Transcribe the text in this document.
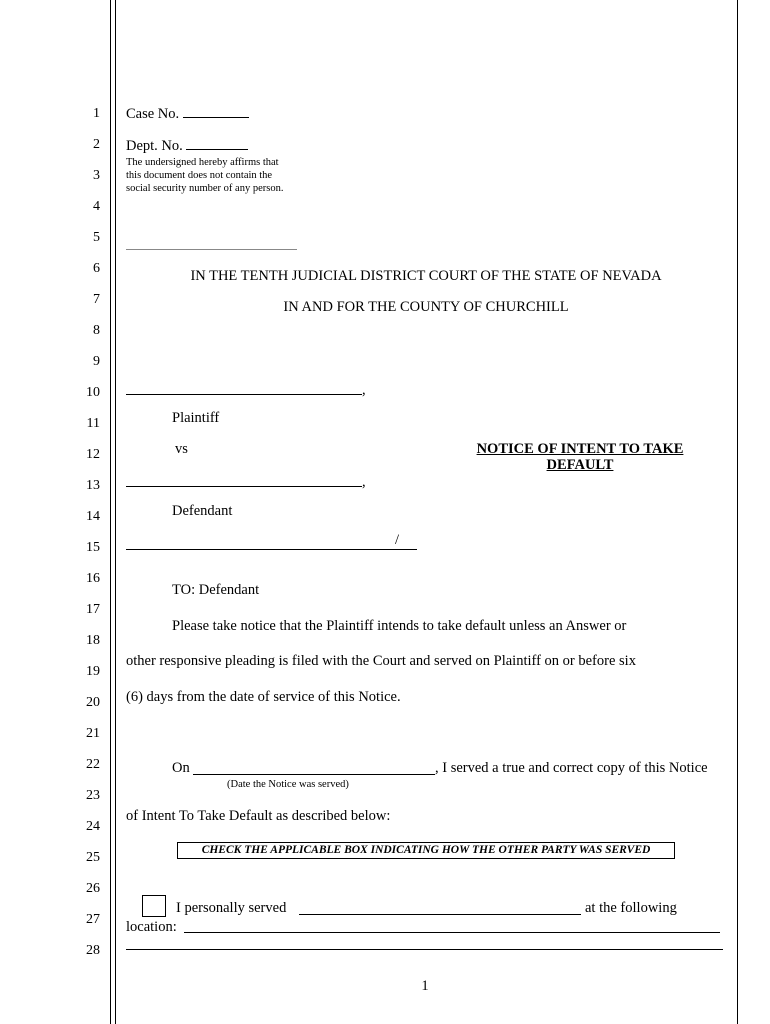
1
2
3
4
5
6
7
8
9
10
11
12
13
14
15
16
17
18
19
20
21
22
23
24
25
26
27
28
Case No.
Dept. No.
The undersigned hereby affirms that
this document does not contain the
social security number of any person.
IN THE TENTH JUDICIAL DISTRICT COURT OF THE STATE OF NEVADA
IN AND FOR THE COUNTY OF CHURCHILL
,
Plaintiff
vs	NOTICE OF INTENT TO TAKE
DEFAULT
,
Defendant
/
TO: Defendant
Please take notice that the Plaintiff intends to take default unless an Answer or
other responsive pleading is filed with the Court and served on Plaintiff on or before six
(6) days from the date of service of this Notice.
On	, I served a true and correct copy of this Notice
(Date the Notice was served)
of Intent To Take Default as described below:
CHECK THE APPLICABLE BOX INDICATING HOW THE OTHER PARTY WAS SERVED
I personally served	at the following
location:
1
